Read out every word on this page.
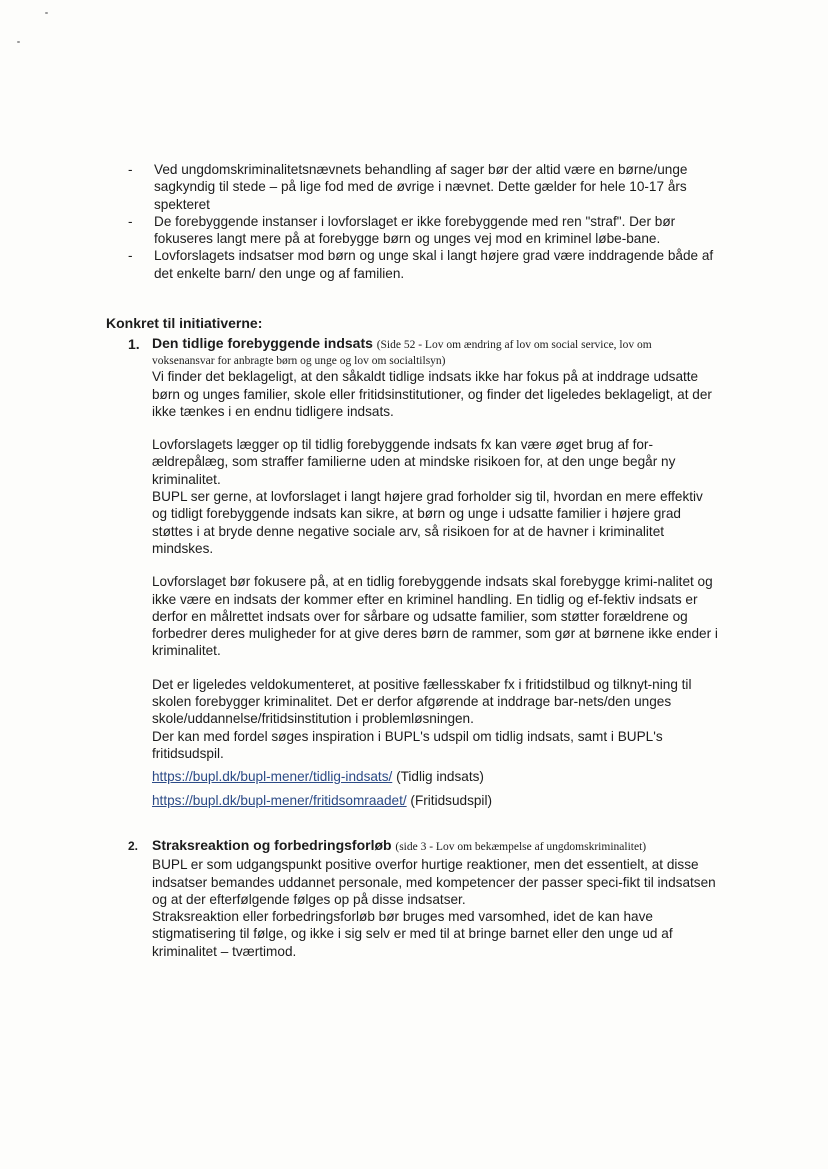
- Ved ungdomskriminalitetsnævnets behandling af sager bør der altid være en børne/unge sagkyndig til stede – på lige fod med de øvrige i nævnet. Dette gælder for hele 10-17 års spekteret
- De forebyggende instanser i lovforslaget er ikke forebyggende med ren "straf". Der bør fokuseres langt mere på at forebygge børn og unges vej mod en kriminel løbe-bane.
- Lovforslagets indsatser mod børn og unge skal i langt højere grad være inddragende både af det enkelte barn/ den unge og af familien.
Konkret til initiativerne:
1. Den tidlige forebyggende indsats (Side 52 - Lov om ændring af lov om social service, lov om
voksenansvar for anbragte børn og unge og lov om socialtilsyn)

Vi finder det beklageligt, at den såkaldt tidlige indsats ikke har fokus på at inddrage udsatte børn og unges familier, skole eller fritidsinstitutioner, og finder det ligeledes beklageligt, at der ikke tænkes i en endnu tidligere indsats.

Lovforslagets lægger op til tidlig forebyggende indsats fx kan være øget brug af for-ældrepålæg, som straffer familierne uden at mindske risikoen for, at den unge begår ny kriminalitet.

BUPL ser gerne, at lovforslaget i langt højere grad forholder sig til, hvordan en mere effektiv og tidligt forebyggende indsats kan sikre, at børn og unge i udsatte familier i højere grad støttes i at bryde denne negative sociale arv, så risikoen for at de havner i kriminalitet mindskes.

Lovforslaget bør fokusere på, at en tidlig forebyggende indsats skal forebygge krimi-nalitet og ikke være en indsats der kommer efter en kriminel handling. En tidlig og ef-fektiv indsats er derfor en målrettet indsats over for sårbare og udsatte familier, som støtter forældrene og forbedrer deres muligheder for at give deres børn de rammer, som gør at børnene ikke ender i kriminalitet.

Det er ligeledes veldokumenteret, at positive fællesskaber fx i fritidstilbud og tilknyt-ning til skolen forebygger kriminalitet. Det er derfor afgørende at inddrage bar-nets/den unges skole/uddannelse/fritidsinstitution i problemløsningen.

Der kan med fordel søges inspiration i BUPL's udspil om tidlig indsats, samt i BUPL's fritidsudspil.

https://bupl.dk/bupl-mener/tidlig-indsats/ (Tidlig indsats)

https://bupl.dk/bupl-mener/fritidsomraadet/ (Fritidsudspil)

2. Straksreaktion og forbedringsforløb (side 3 - Lov om bekæmpelse af ungdomskriminalitet)

BUPL er som udgangspunkt positive overfor hurtige reaktioner, men det essentielt, at disse indsatser bemandes uddannet personale, med kompetencer der passer speci-fikt til indsatsen og at der efterfølgende følges op på disse indsatser.

Straksreaktion eller forbedringsforløb bør bruges med varsomhed, idet de kan have stigmatisering til følge, og ikke i sig selv er med til at bringe barnet eller den unge ud af kriminalitet – tværtimod.
